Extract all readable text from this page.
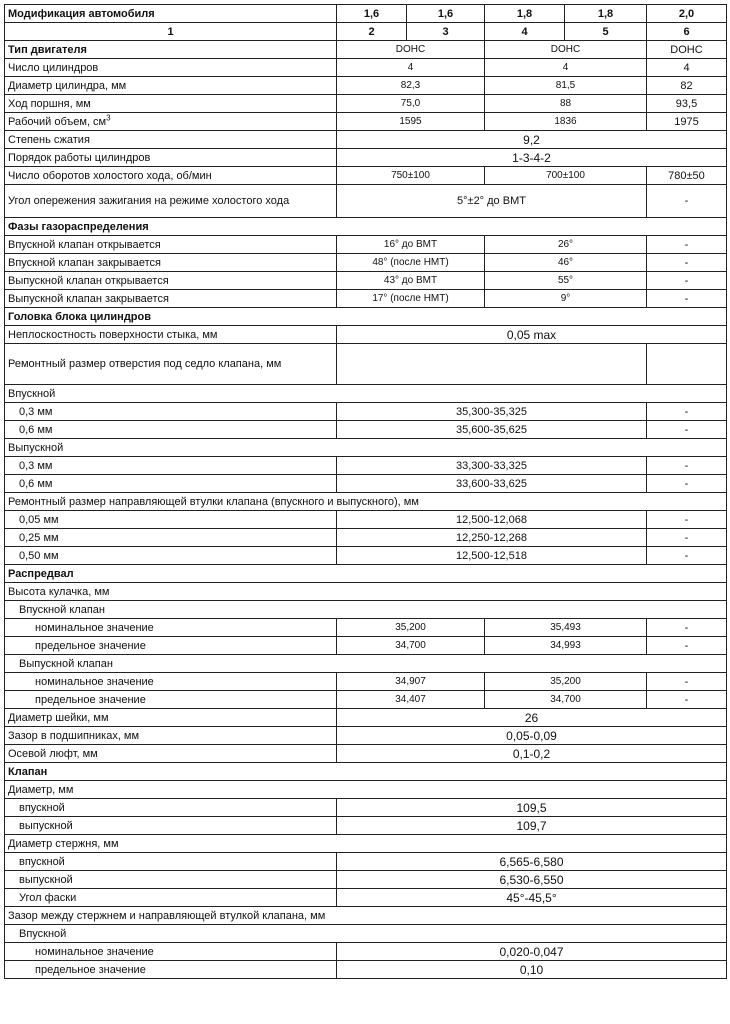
Модификация автомобиля	1,6	1,6	1,8	1,8	2,0
1	2	3	4	5	6
Тип двигателя	DOHC		DOHC		DOHC
Число цилиндров	4		4		4
Диаметр цилиндра, мм	82,3		81,5		82
Ход поршня, мм	75,0		88		93,5
Рабочий объем, $см^3$	1595		1836		1975
Степень сжатия	9,2				
Порядок работы цилиндров	1-3-4-2				
Число оборотов холостого хода, об/мин	750±100		700±100		780±50
Угол опережения зажигания на режиме холостого хода	5°±2° до ВМТ				-
Фазы газораспределения					
Впускной клапан открывается	16° до ВМТ		26°		-
Впускной клапан закрывается	48° (после НМТ)		46°		-
Выпускной клапан открывается	43° до ВМТ		55°		-
Выпускной клапан закрывается	17° (после НМТ)		9°		-
Головка блока цилиндров					
Неплоскостность поверхности стыка, мм	0,05 max				
Ремонтный размер отверстия под седло клапана, мм					
Впускной					
0,3 мм	35,300-35,325				-
0,6 мм	35,600-35,625				-
Выпускной					
0,3 мм	33,300-33,325				-
0,6 мм	33,600-33,625				-
Ремонтный размер направляющей втулки клапана (впускного и выпускного), мм					
0,05 мм	12,500-12,068				-
0,25 мм	12,250-12,268				-
0,50 мм	12,500-12,518				-
Распредвал					
Высота кулачка, мм					
Впускной клапан					
номинальное значение	35,200		35,493		-
предельное значение	34,700		34,993		-
Выпускной клапан					
номинальное значение	34,907		35,200		-
предельное значение	34,407		34,700		-
Диаметр шейки, мм	26				
Зазор в подшипниках, мм	0,05-0,09				
Осевой люфт, мм	0,1-0,2				
Клапан					
Диаметр, мм					
впускной	109,5				
выпускной	109,7				
Диаметр стержня, мм					
впускной	6,565-6,580				
выпускной	6,530-6,550				
Угол фаски	45°-45,5°				
Зазор между стержнем и направляющей втулкой клапана, мм					
Впускной					
номинальное значение	0,020-0,047				
предельное значение	0,10				
